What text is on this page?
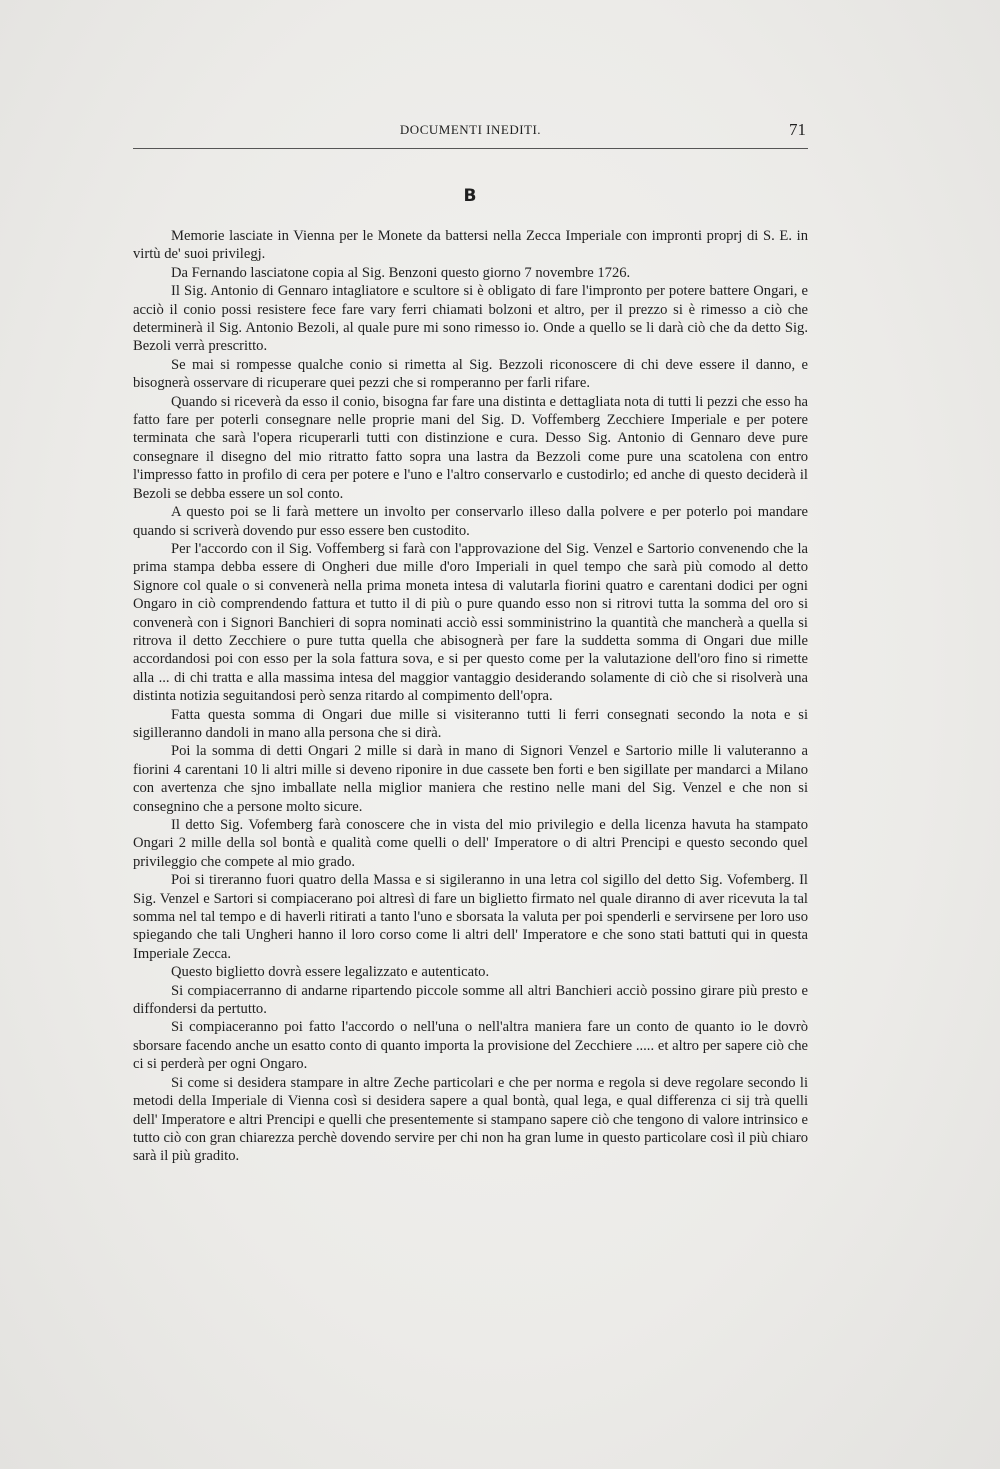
DOCUMENTI INEDITI.	71
B

Memorie lasciate in Vienna per le Monete da battersi nella Zecca Imperiale con impronti proprj di S. E. in virtù de' suoi privilegj.

Da Fernando lasciatone copia al Sig. Benzoni questo giorno 7 novembre 1726.

Il Sig. Antonio di Gennaro intagliatore e scultore si è obligato di fare l'impronto per potere battere Ongari, e acciò il conio possi resistere fece fare vary ferri chiamati bolzoni et altro, per il prezzo si è rimesso a ciò che determinerà il Sig. Antonio Bezoli, al quale pure mi sono rimesso io. Onde a quello se li darà ciò che da detto Sig. Bezoli verrà prescritto.

Se mai si rompesse qualche conio si rimetta al Sig. Bezzoli riconoscere di chi deve essere il danno, e bisognerà osservare di ricuperare quei pezzi che si romperanno per farli rifare.

Quando si riceverà da esso il conio, bisogna far fare una distinta e dettagliata nota di tutti li pezzi che esso ha fatto fare per poterli consegnare nelle proprie mani del Sig. D. Voffemberg Zecchiere Imperiale e per potere terminata che sarà l'opera ricuperarli tutti con distinzione e cura. Desso Sig. Antonio di Gennaro deve pure consegnare il disegno del mio ritratto fatto sopra una lastra da Bezzoli come pure una scatolena con entro l'impresso fatto in profilo di cera per potere e l'uno e l'altro conservarlo e custodirlo; ed anche di questo deciderà il Bezoli se debba essere un sol conto.

A questo poi se li farà mettere un involto per conservarlo illeso dalla polvere e per poterlo poi mandare quando si scriverà dovendo pur esso essere ben custodito.

Per l'accordo con il Sig. Voffemberg si farà con l'approvazione del Sig. Venzel e Sartorio convenendo che la prima stampa debba essere di Ongheri due mille d'oro Imperiali in quel tempo che sarà più comodo al detto Signore col quale o si convenerà nella prima moneta intesa di valutarla fiorini quatro e carentani dodici per ogni Ongaro in ciò comprendendo fattura et tutto il di più o pure quando esso non si ritrovi tutta la somma del oro si convenerà con i Signori Banchieri di sopra nominati acciò essi somministrino la quantità che mancherà a quella si ritrova il detto Zecchiere o pure tutta quella che abisognerà per fare la suddetta somma di Ongari due mille accordandosi poi con esso per la sola fattura sova, e si per questo come per la valutazione dell'oro fino si rimette alla ... di chi tratta e alla massima intesa del maggior vantaggio desiderando solamente di ciò che si risolverà una distinta notizia seguitandosi però senza ritardo al compimento dell'opra.

Fatta questa somma di Ongari due mille si visiteranno tutti li ferri consegnati secondo la nota e si sigilleranno dandoli in mano alla persona che si dirà.

Poi la somma di detti Ongari 2 mille si darà in mano di Signori Venzel e Sartorio mille li valuteranno a fiorini 4 carentani 10 li altri mille si deveno riponire in due cassete ben forti e ben sigillate per mandarci a Milano con avertenza che sjno imballate nella miglior maniera che restino nelle mani del Sig. Venzel e che non si consegnino che a persone molto sicure.

Il detto Sig. Vofemberg farà conoscere che in vista del mio privilegio e della licenza havuta ha stampato Ongari 2 mille della sol bontà e qualità come quelli o dell' Imperatore o di altri Prencipi e questo secondo quel privileggio che compete al mio grado.

Poi si tireranno fuori quatro della Massa e si sigileranno in una letra col sigillo del detto Sig. Vofemberg. Il Sig. Venzel e Sartori si compiacerano poi altresì di fare un biglietto firmato nel quale diranno di aver ricevuta la tal somma nel tal tempo e di haverli ritirati a tanto l'uno e sborsata la valuta per poi spenderli e servirsene per loro uso spiegando che tali Ungheri hanno il loro corso come li altri dell' Imperatore e che sono stati battuti qui in questa Imperiale Zecca.

Questo biglietto dovrà essere legalizzato e autenticato.

Si compiacerranno di andarne ripartendo piccole somme all altri Banchieri acciò possino girare più presto e diffondersi da pertutto.

Si compiaceranno poi fatto l'accordo o nell'una o nell'altra maniera fare un conto de quanto io le dovrò sborsare facendo anche un esatto conto di quanto importa la provisione del Zecchiere ..... et altro per sapere ciò che ci si perderà per ogni Ongaro.

Si come si desidera stampare in altre Zeche particolari e che per norma e regola si deve regolare secondo li metodi della Imperiale di Vienna così si desidera sapere a qual bontà, qual lega, e qual differenza ci sij trà quelli dell' Imperatore e altri Prencipi e quelli che presentemente si stampano sapere ciò che tengono di valore intrinsico e tutto ciò con gran chiarezza perchè dovendo servire per chi non ha gran lume in questo particolare così il più chiaro sarà il più gradito.
